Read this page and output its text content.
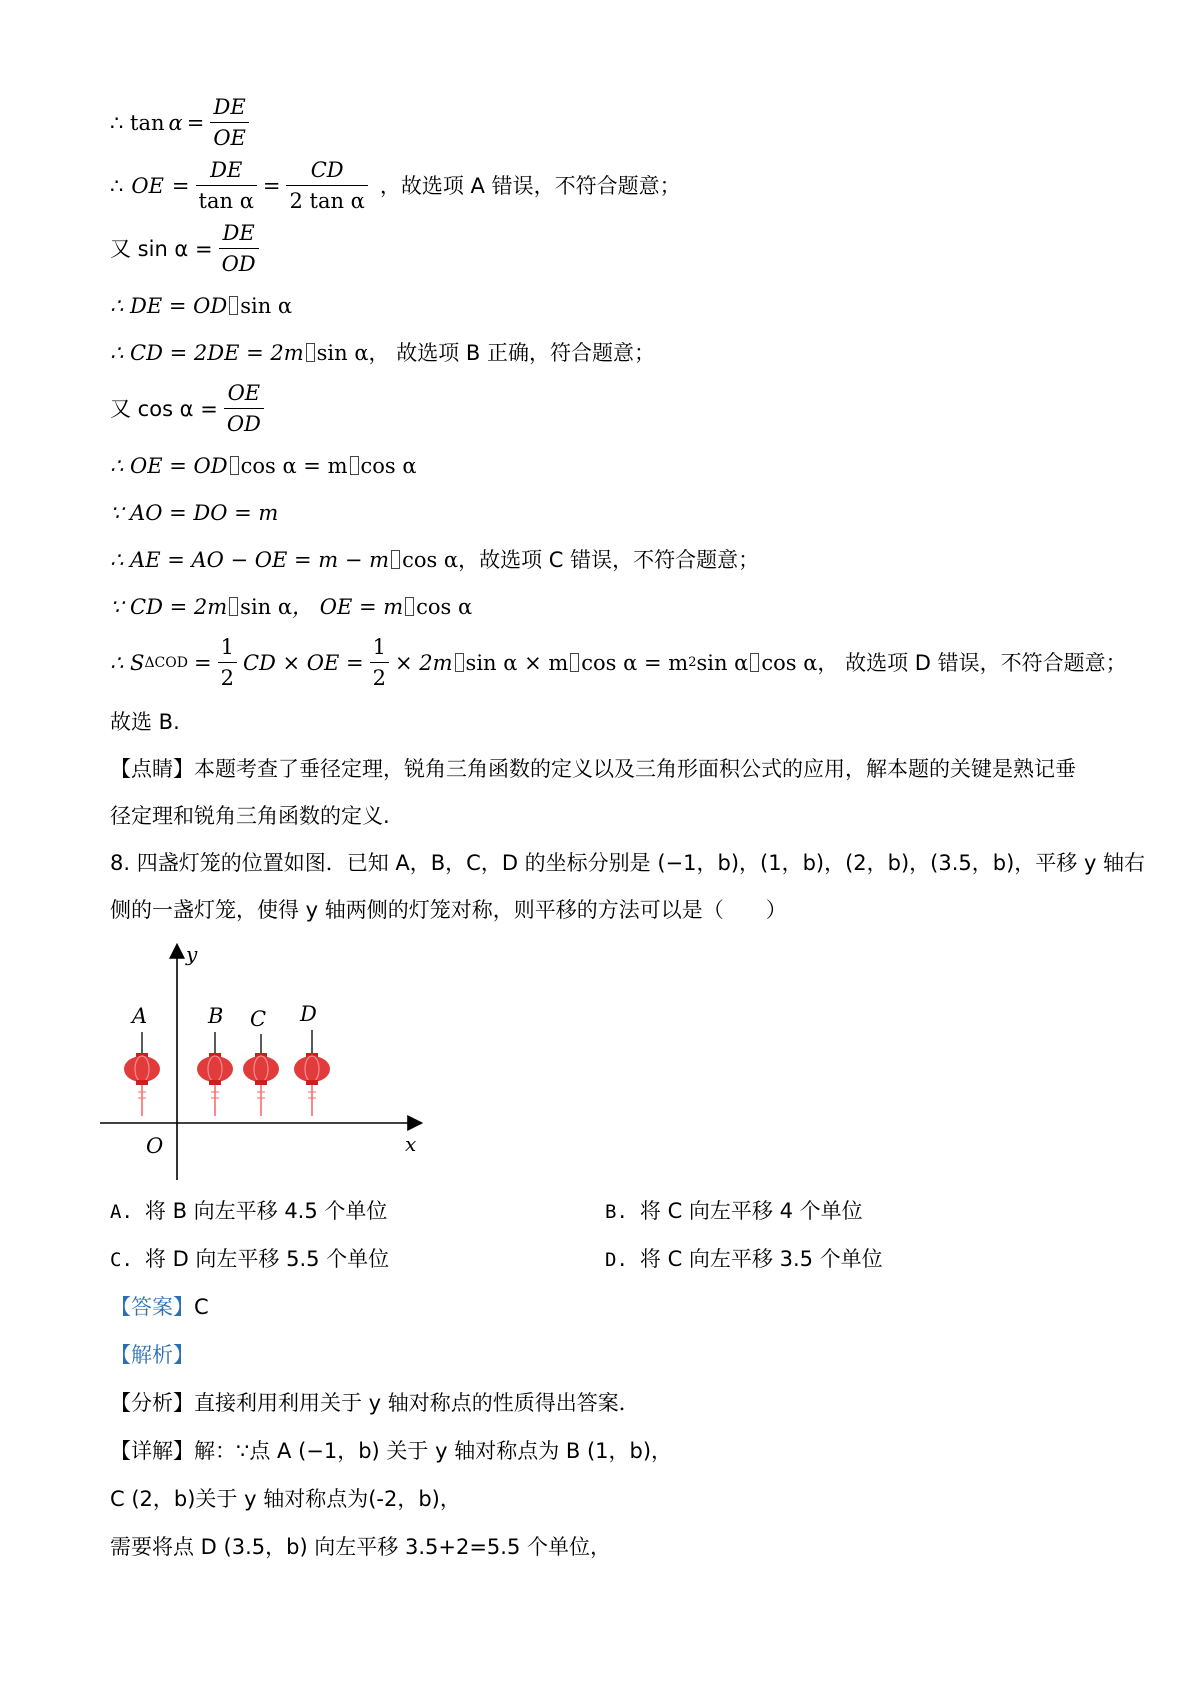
∴ $\tan \alpha = \frac{DE}{OE}$
∴ OE = $\frac{DE}{\text{tan α}} = \frac{CD}{\text{2 tan α}}$ ，故选项 A 错误，不符合题意；
又 $\sin \alpha = \frac{DE}{OD}$
∴ DE = OD sin α
∴ CD = 2DE = 2m sin α， 故选项 B 正确，符合题意；
又 $\cos \alpha = \frac{OE}{OD}$
∴ OE = OD cos α = m cos α
∵ AO = DO = m
∴ AE = AO − OE = m − m cos α，故选项 C 错误，不符合题意；
∵ CD = 2m sin α， OE = m cos α
∴ S $\Delta COD = \frac{1}{2}$ CD × OE = $\frac{1}{2} \times 2m$ sin α × m cos α = m 2 sin α cos α ， 故选项 D 错误，不符合题意；
故选 B.
【点睛】本题考查了垂径定理，锐角三角函数的定义以及三角形面积公式的应用，解本题的关键是熟记垂
径定理和锐角三角函数的定义.
8. 四盏灯笼的位置如图．已知 A，B，C，D 的坐标分别是 (−1，b)，(1，b)，(2，b)，(3.5，b)，平移 y 轴右
侧的一盏灯笼，使得 y 轴两侧的灯笼对称，则平移的方法可以是（　　）
y
x
O
A	B C D
A. 将 B 向左平移 4.5 个单位	B. 将 C 向左平移 4 个单位
C. 将 D 向左平移 5.5 个单位	D. 将 C 向左平移 3.5 个单位
【答案】C
【解析】
【分析】直接利用利用关于 y 轴对称点的性质得出答案．
【详解】解：∵点 A (−1，b) 关于 y 轴对称点为 B (1，b)，
C (2，b)关于 y 轴对称点为(-2，b)，
需要将点 D (3.5，b) 向左平移 3.5+2=5.5 个单位，
